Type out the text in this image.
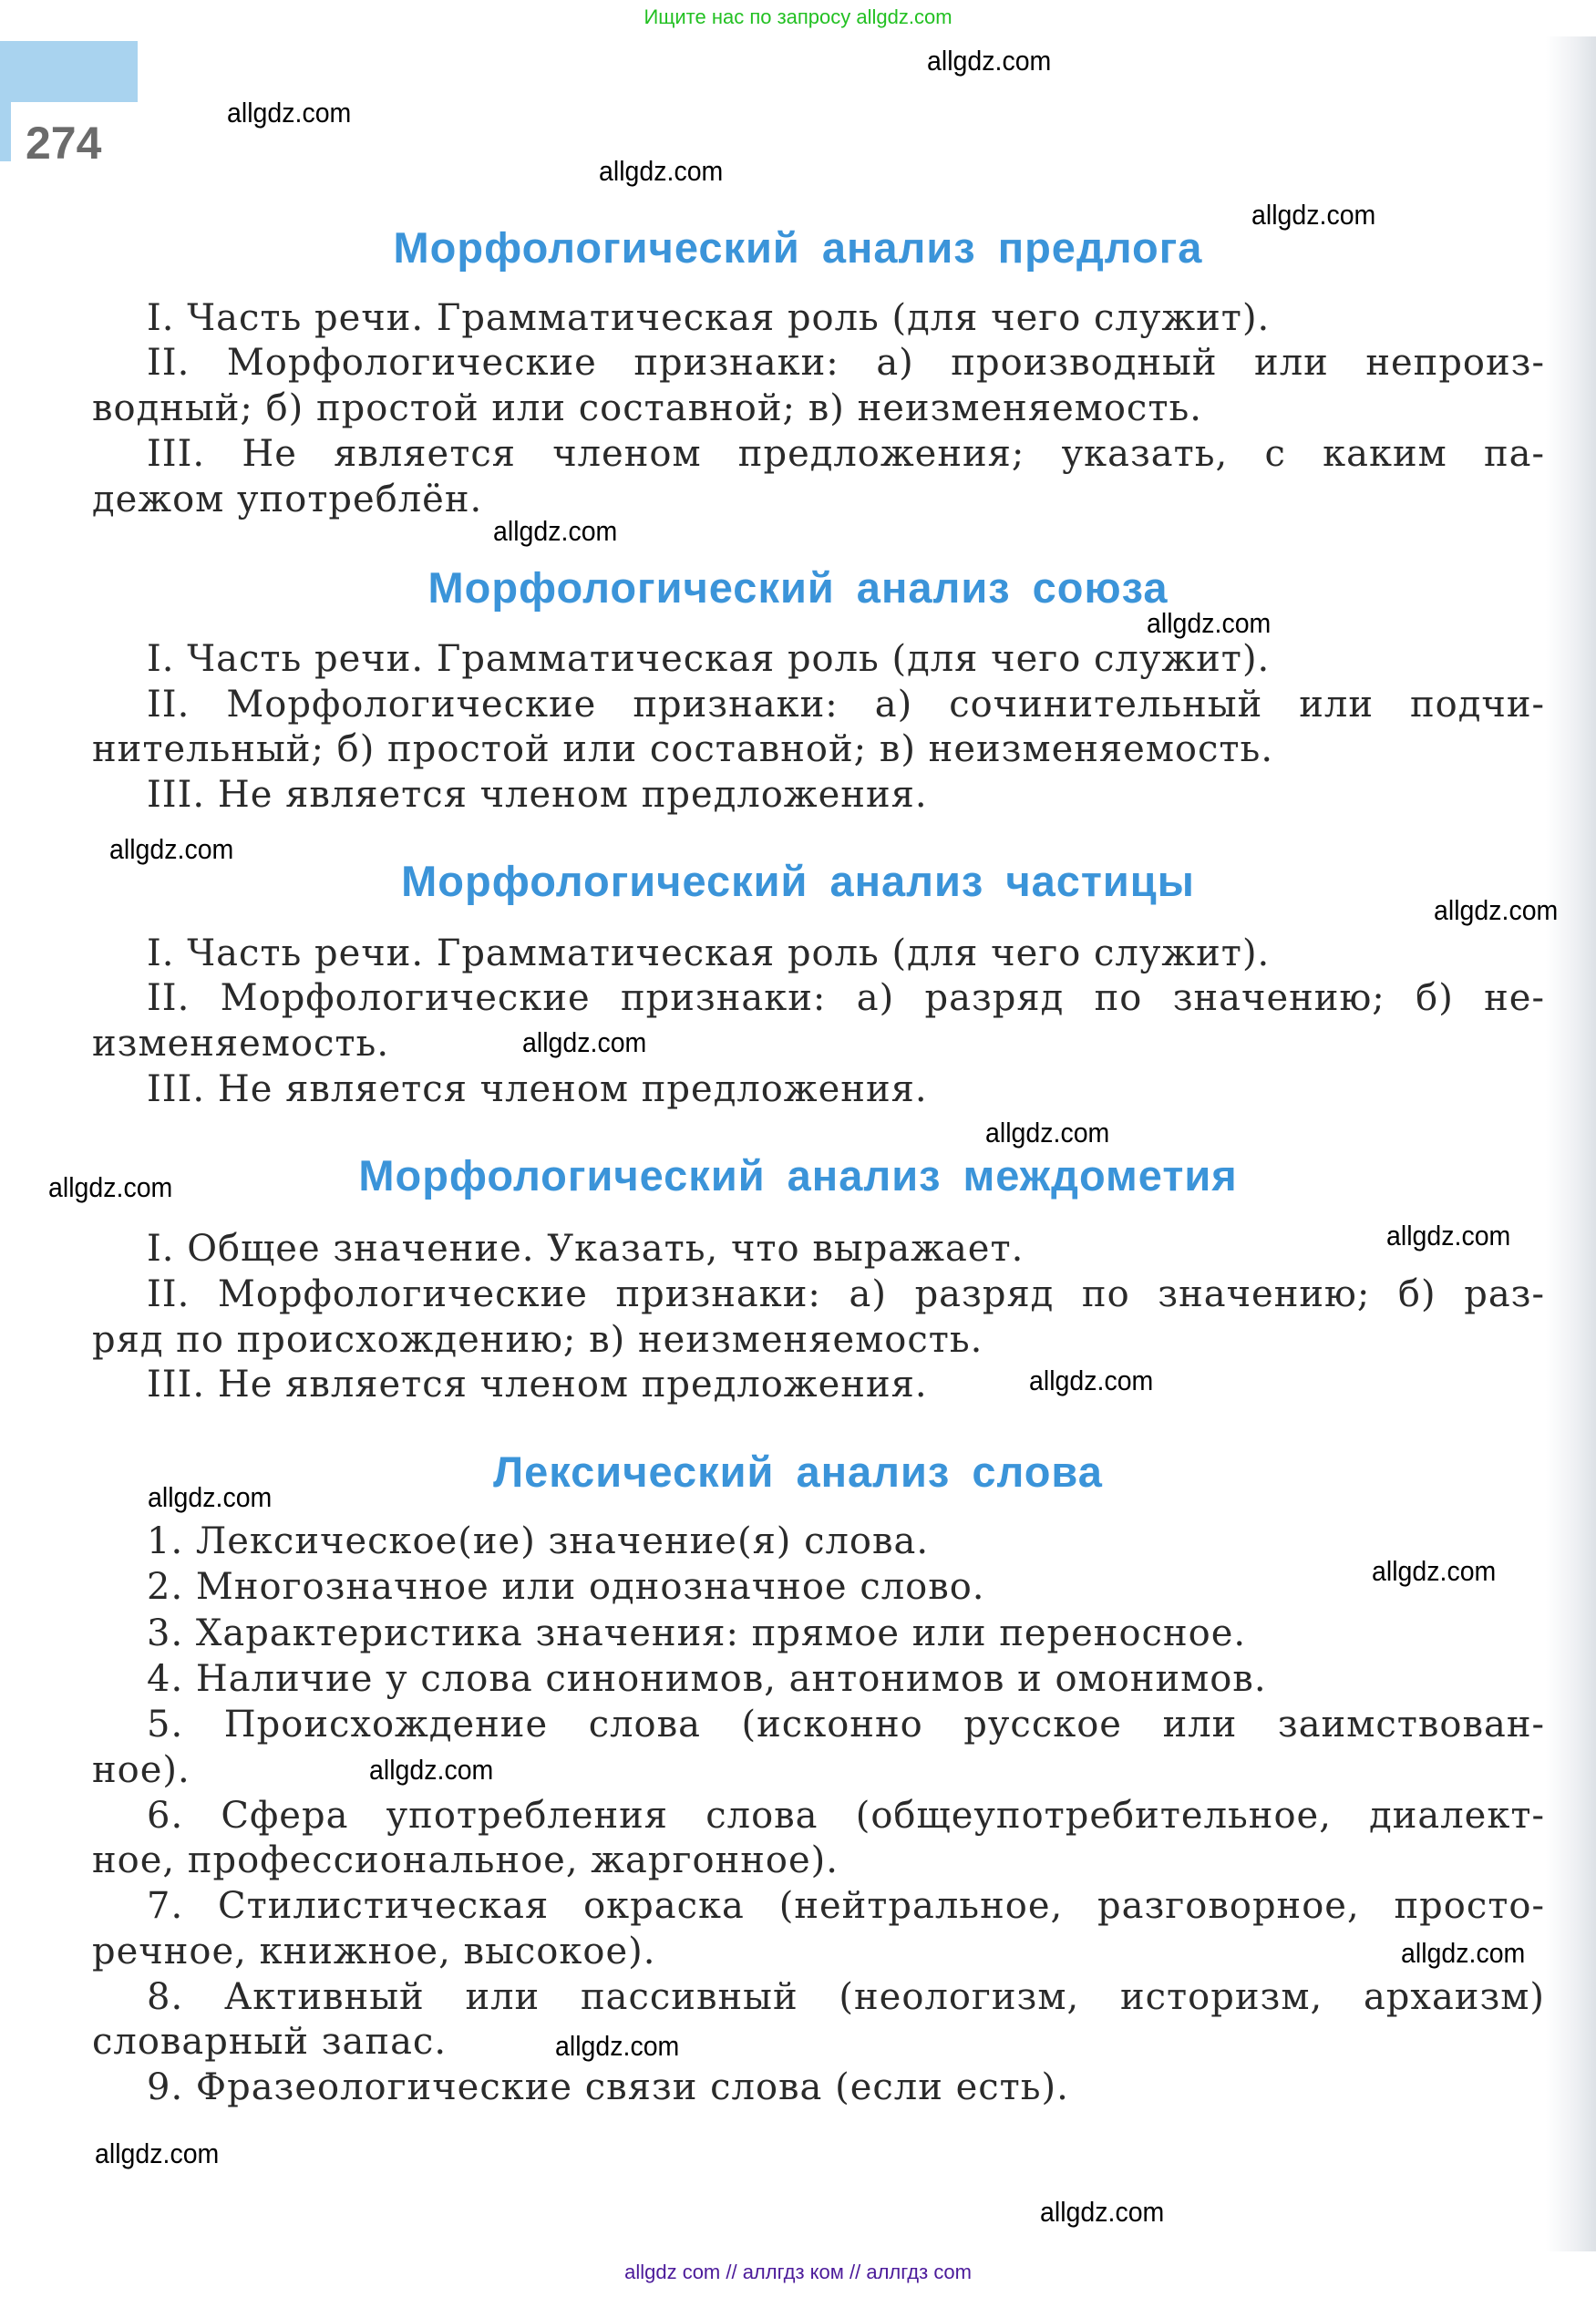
Ищите нас по запросу allgdz.com
274
Морфологический анализ предлога
I. Часть речи. Грамматическая роль (для чего служит).
II. Морфологические признаки: а) производный или непроиз-
водный; б) простой или составной; в) неизменяемость.
III. Не является членом предложения; указать, с каким па-
дежом употреблён.
Морфологический анализ союза
I. Часть речи. Грамматическая роль (для чего служит).
II. Морфологические признаки: а) сочинительный или подчи-
нительный; б) простой или составной; в) неизменяемость.
III. Не является членом предложения.
Морфологический анализ частицы
I. Часть речи. Грамматическая роль (для чего служит).
II. Морфологические признаки: а) разряд по значению; б) не-
изменяемость.
III. Не является членом предложения.
Морфологический анализ междометия
I. Общее значение. Указать, что выражает.
II. Морфологические признаки: а) разряд по значению; б) раз-
ряд по происхождению; в) неизменяемость.
III. Не является членом предложения.
Лексический анализ слова
1. Лексическое(ие) значение(я) слова.
2. Многозначное или однозначное слово.
3. Характеристика значения: прямое или переносное.
4. Наличие у слова синонимов, антонимов и омонимов.
5. Происхождение слова (исконно русское или заимствован-
ное).
6. Сфера употребления слова (общеупотребительное, диалект-
ное, профессиональное, жаргонное).
7. Стилистическая окраска (нейтральное, разговорное, просто-
речное, книжное, высокое).
8. Активный или пассивный (неологизм, историзм, архаизм)
словарный запас.
9. Фразеологические связи слова (если есть).
allgdz.com
allgdz.com
allgdz.com
allgdz.com
allgdz.com
allgdz.com
allgdz.com
allgdz.com
allgdz.com
allgdz.com
allgdz.com
allgdz.com
allgdz.com
allgdz.com
allgdz.com
allgdz.com
allgdz.com
allgdz.com
allgdz.com
allgdz.com
allgdz com // аллгдз ком // аллгдз com
